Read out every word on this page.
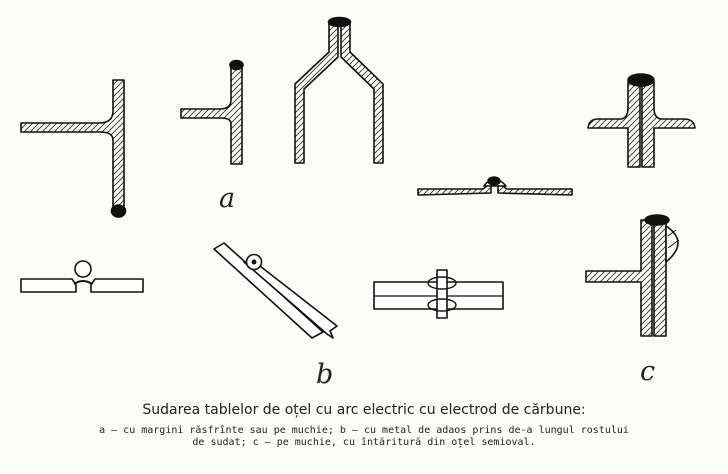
a
b	c
Sudarea tablelor de oțel cu arc electric cu electrod de cărbune:
a — cu margini răsfrînte sau pe muchie; b — cu metal de adaos prins de-a lungul rostului
de sudat; c — pe muchie, cu întăritură din oțel semioval.
